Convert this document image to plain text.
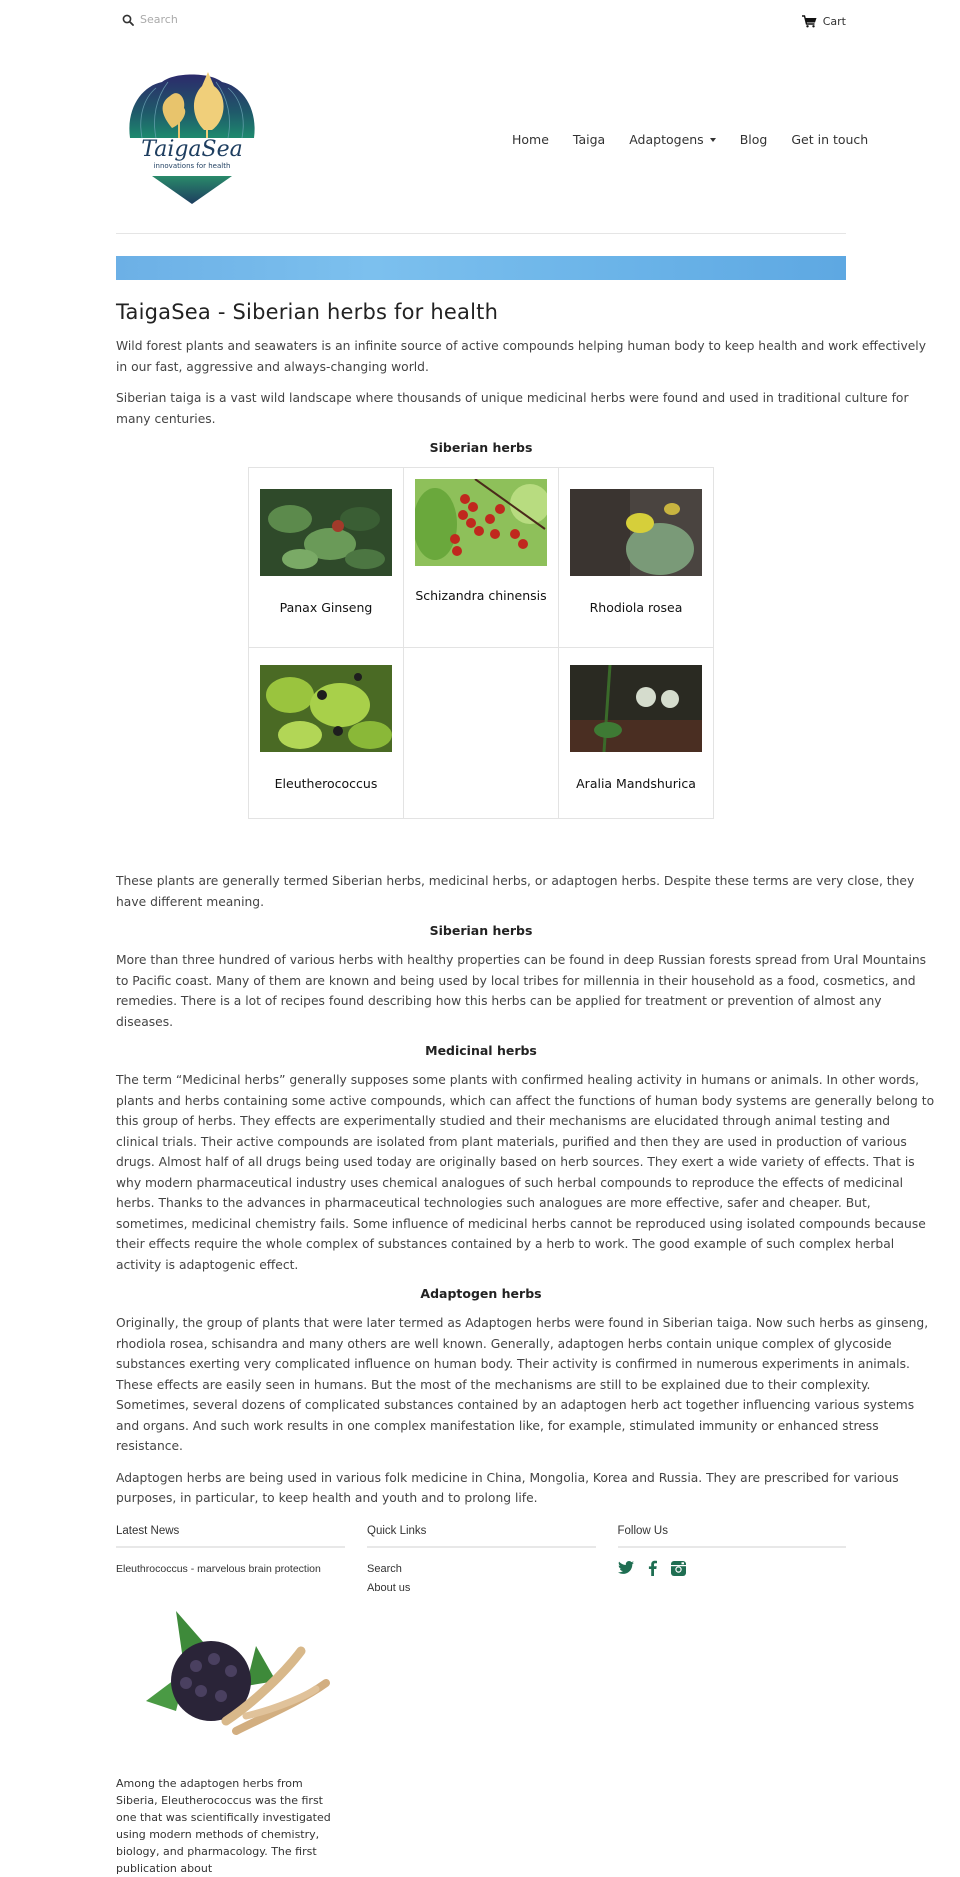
Search
Cart
TaigaSea
innovations for health
Home Taiga Adaptogens	Blog Get in touch
TaigaSea - Siberian herbs for health

Wild forest plants and seawaters is an infinite source of active compounds helping human body to keep health and work effectively in our fast, aggressive and always-changing world.

Siberian taiga is a vast wild landscape where thousands of unique medicinal herbs were found and used in traditional culture for many centuries.

Siberian herbs
Panax Ginseng	Schizandra chinensis	Rhodiola rosea

Eleutherococcus		Aralia Mandshurica

These plants are generally termed Siberian herbs, medicinal herbs, or adaptogen herbs. Despite these terms are very close, they have different meaning.

Siberian herbs

More than three hundred of various herbs with healthy properties can be found in deep Russian forests spread from Ural Mountains to Pacific coast. Many of them are known and being used by local tribes for millennia in their household as a food, cosmetics, and remedies. There is a lot of recipes found describing how this herbs can be applied for treatment or prevention of almost any diseases.

Medicinal herbs

The term “Medicinal herbs” generally supposes some plants with confirmed healing activity in humans or animals. In other words, plants and herbs containing some active compounds, which can affect the functions of human body systems are generally belong to this group of herbs. They effects are experimentally studied and their mechanisms are elucidated through animal testing and clinical trials. Their active compounds are isolated from plant materials, purified and then they are used in production of various drugs. Almost half of all drugs being used today are originally based on herb sources. They exert a wide variety of effects. That is why modern pharmaceutical industry uses chemical analogues of such herbal compounds to reproduce the effects of medicinal herbs. Thanks to the advances in pharmaceutical technologies such analogues are more effective, safer and cheaper. But, sometimes, medicinal chemistry fails. Some influence of medicinal herbs cannot be reproduced using isolated compounds because their effects require the whole complex of substances contained by a herb to work. The good example of such complex herbal activity is adaptogenic effect.

Adaptogen herbs

Originally, the group of plants that were later termed as Adaptogen herbs were found in Siberian taiga. Now such herbs as ginseng, rhodiola rosea, schisandra and many others are well known. Generally, adaptogen herbs contain unique complex of glycoside substances exerting very complicated influence on human body. Their activity is confirmed in numerous experiments in animals. These effects are easily seen in humans. But the most of the mechanisms are still to be explained due to their complexity. Sometimes, several dozens of complicated substances contained by an adaptogen herb act together influencing various systems and organs. And such work results in one complex manifestation like, for example, stimulated immunity or enhanced stress resistance.

Adaptogen herbs are being used in various folk medicine in China, Mongolia, Korea and Russia. They are prescribed for various purposes, in particular, to keep health and youth and to prolong life.

Latest News
Eleuthrococcus - marvelous brain protection

Among the adaptogen herbs from Siberia, Eleutherococcus was the first one that was scientifically investigated using modern methods of chemistry, biology, and pharmacology. The first publication about

Quick Links
Search
About us
Follow Us
